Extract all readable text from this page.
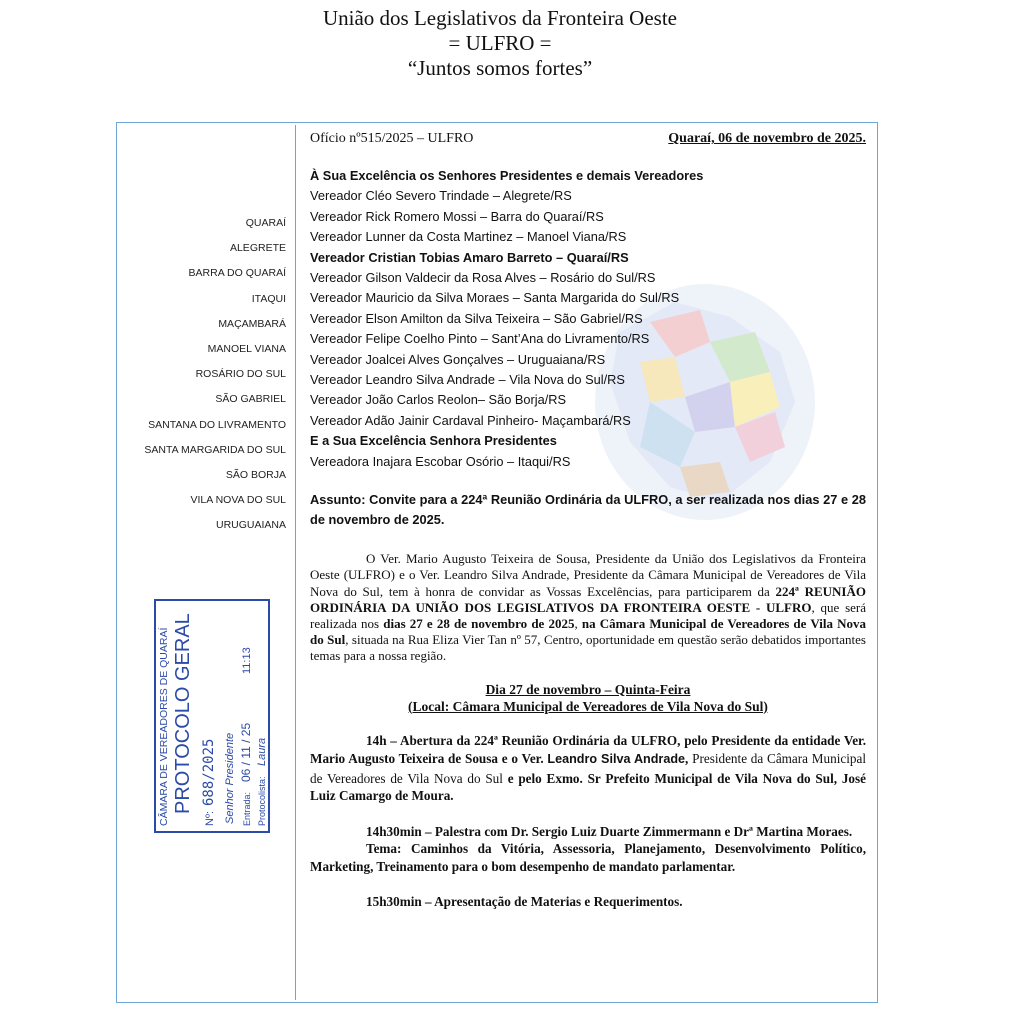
União dos Legislativos da Fronteira Oeste
= ULFRO =
“Juntos somos fortes”
QUARAÍ
ALEGRETE
BARRA DO QUARAÍ
ITAQUI
MAÇAMBARÁ
MANOEL VIANA
ROSÁRIO DO SUL
SÃO GABRIEL
SANTANA DO LIVRAMENTO
SANTA MARGARIDA DO SUL
SÃO BORJA
VILA NOVA DO SUL
URUGUAIANA
CÂMARA DE VEREADORES DE QUARAÍ PROTOCOLO GERAL
Nº:
688/2025 Senhor Presidente Entrada:
06 / 11 / 25
11:13
Protocolista:
Laura
Ofício nº515/2025 – ULFRO	Quaraí, 06 de novembro de 2025.
À Sua Excelência os Senhores Presidentes e demais Vereadores
Vereador Cléo Severo Trindade – Alegrete/RS
Vereador Rick Romero Mossi – Barra do Quaraí/RS
Vereador Lunner da Costa Martinez – Manoel Viana/RS
Vereador Cristian Tobias Amaro Barreto – Quaraí/RS
Vereador Gilson Valdecir da Rosa Alves – Rosário do Sul/RS
Vereador Mauricio da Silva Moraes – Santa Margarida do Sul/RS
Vereador Elson Amilton da Silva Teixeira – São Gabriel/RS
Vereador Felipe Coelho Pinto – Sant’Ana do Livramento/RS
Vereador Joalcei Alves Gonçalves – Uruguaiana/RS
Vereador Leandro Silva Andrade – Vila Nova do Sul/RS
Vereador João Carlos Reolon– São Borja/RS
Vereador Adão Jainir Cardaval Pinheiro- Maçambará/RS
E a Sua Excelência Senhora Presidentes
Vereadora Inajara Escobar Osório – Itaqui/RS
Assunto: Convite para a 224ª Reunião Ordinária da ULFRO, a ser realizada nos dias 27 e 28 de novembro de 2025.
O Ver. Mario Augusto Teixeira de Sousa, Presidente da União dos Legislativos da Fronteira Oeste (ULFRO) e o Ver. Leandro Silva Andrade, Presidente da Câmara Municipal de Vereadores de Vila Nova do Sul, tem à honra de convidar as Vossas Excelências, para participarem da 224ª REUNIÃO ORDINÁRIA DA UNIÃO DOS LEGISLATIVOS DA FRONTEIRA OESTE - ULFRO, que será realizada nos dias 27 e 28 de novembro de 2025, na Câmara Municipal de Vereadores de Vila Nova do Sul, situada na Rua Eliza Vier Tan nº 57, Centro, oportunidade em questão serão debatidos importantes temas para a nossa região.
Dia 27 de novembro – Quinta-Feira
(Local: Câmara Municipal de Vereadores de Vila Nova do Sul)
14h – Abertura da 224ª Reunião Ordinária da ULFRO, pelo Presidente da entidade Ver. Mario Augusto Teixeira de Sousa e o Ver. Leandro Silva Andrade, Presidente da Câmara Municipal de Vereadores de Vila Nova do Sul e pelo Exmo. Sr Prefeito Municipal de Vila Nova do Sul, José Luiz Camargo de Moura.
14h30min – Palestra com Dr. Sergio Luiz Duarte Zimmermann e Drª Martina Moraes.
Tema: Caminhos da Vitória, Assessoria, Planejamento, Desenvolvimento Político, Marketing, Treinamento para o bom desempenho de mandato parlamentar.
15h30min – Apresentação de Materias e Requerimentos.
